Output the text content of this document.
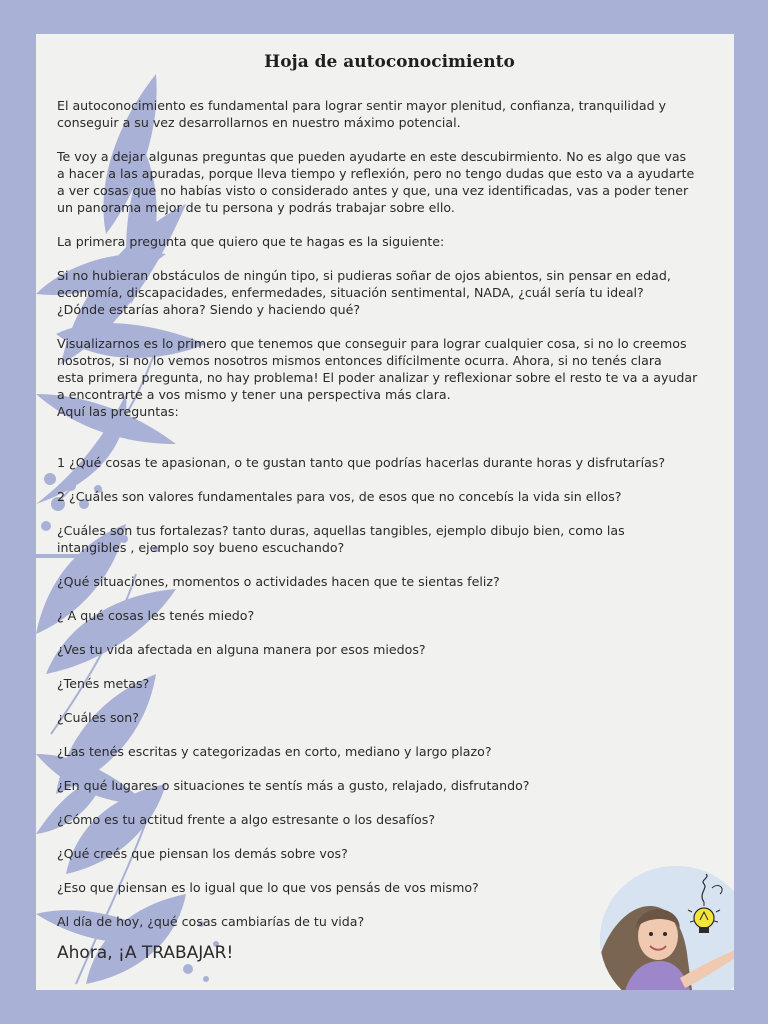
Hoja de autoconocimiento

El autoconocimiento es fundamental para lograr sentir mayor plenitud, confianza, tranquilidad y
conseguir a su vez desarrollarnos en nuestro máximo potencial.

Te voy a dejar algunas preguntas que pueden ayudarte en este descubirmiento. No es algo que vas
a hacer a las apuradas, porque lleva tiempo y reflexión, pero no tengo dudas que esto va a ayudarte
a ver cosas que no habías visto o considerado antes y que, una vez identificadas, vas a poder tener
un panorama mejor de tu persona y podrás trabajar sobre ello.

La primera pregunta que quiero que te hagas es la siguiente:

Si no hubieran obstáculos de ningún tipo, si pudieras soñar de ojos abientos, sin pensar en edad,
economía, discapacidades, enfermedades, situación sentimental, NADA, ¿cuál sería tu ideal?
¿Dónde estarías ahora? Siendo y haciendo qué?

Visualizarnos es lo primero que tenemos que conseguir para lograr cualquier cosa, si no lo creemos
nosotros, si no lo vemos nosotros mismos entonces difícilmente ocurra. Ahora, si no tenés clara
esta primera pregunta, no hay problema! El poder analizar y reflexionar sobre el resto te va a ayudar
a encontrarte a vos mismo y tener una perspectiva más clara.
Aquí las preguntas:

1 ¿Qué cosas te apasionan, o te gustan tanto que podrías hacerlas durante horas y disfrutarías?

2 ¿Cuáles son valores fundamentales para vos, de esos que no concebís la vida sin ellos?

¿Cuáles son tus fortalezas? tanto duras, aquellas tangibles, ejemplo dibujo bien, como las
intangibles , ejemplo soy bueno escuchando?

¿Qué situaciones, momentos o actividades hacen que te sientas feliz?

¿ A qué cosas les tenés miedo?

¿Ves tu vida afectada en alguna manera por esos miedos?

¿Tenés metas?

¿Cuáles son?

¿Las tenés escritas y categorizadas en corto, mediano y largo plazo?

¿En qué lugares o situaciones te sentís más a gusto, relajado, disfrutando?

¿Cómo es tu actitud frente a algo estresante o los desafíos?

¿Qué creés que piensan los demás sobre vos?

¿Eso que piensan es lo igual que lo que vos pensás de vos mismo?

Al día de hoy, ¿qué cosas cambiarías de tu vida?

Ahora, ¡A TRABAJAR!
